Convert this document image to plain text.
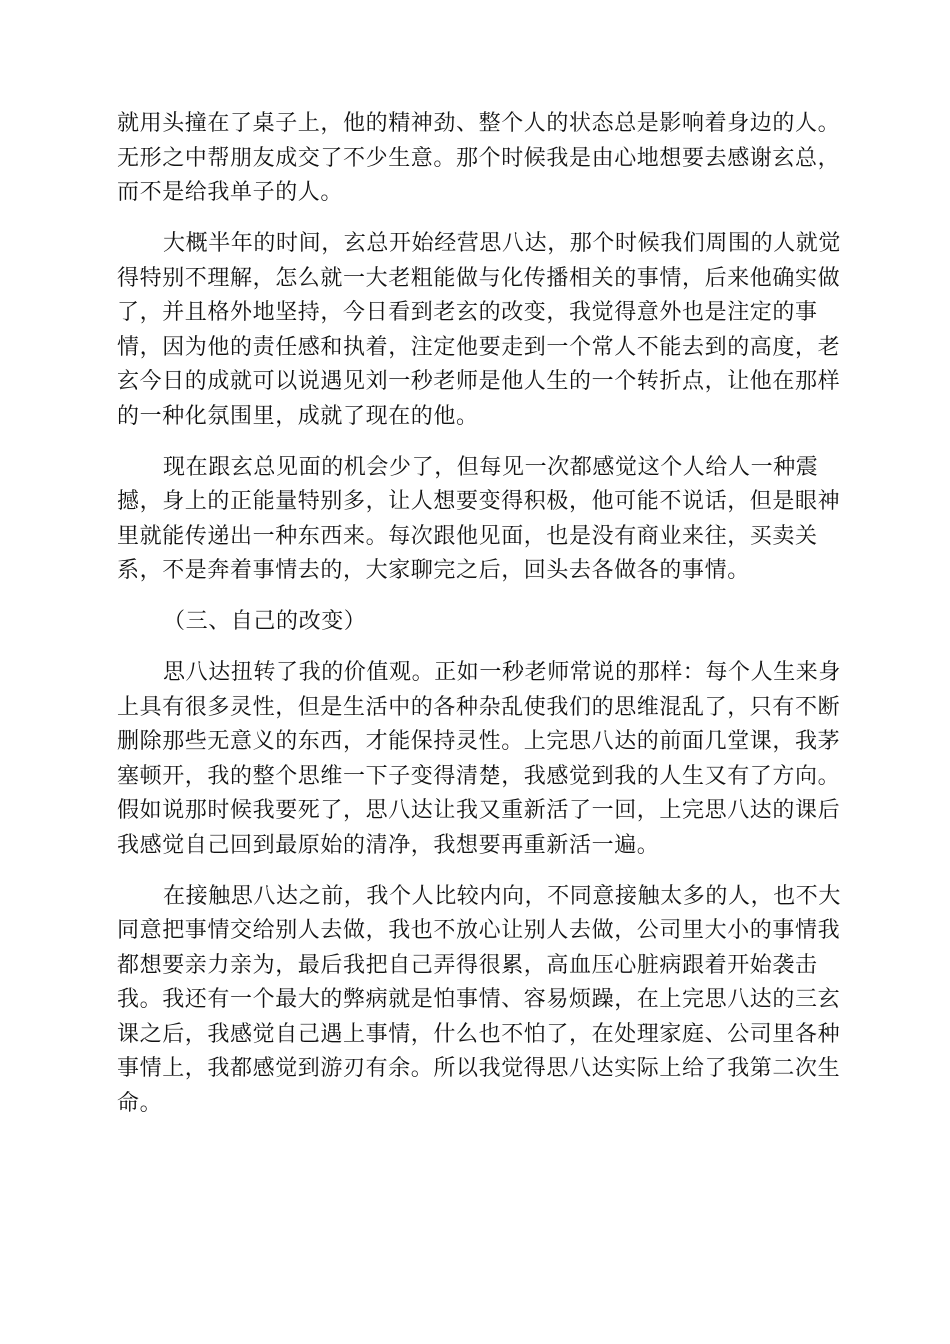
就用头撞在了桌子上，他的精神劲、整个人的状态总是影响着身边的人。
无形之中帮朋友成交了不少生意。那个时候我是由心地想要去感谢玄总，
而不是给我单子的人。
大概半年的时间，玄总开始经营思八达，那个时候我们周围的人就觉
得特别不理解，怎么就一大老粗能做与化传播相关的事情，后来他确实做
了，并且格外地坚持，今日看到老玄的改变，我觉得意外也是注定的事
情，因为他的责任感和执着，注定他要走到一个常人不能去到的高度，老
玄今日的成就可以说遇见刘一秒老师是他人生的一个转折点，让他在那样
的一种化氛围里，成就了现在的他。
现在跟玄总见面的机会少了，但每见一次都感觉这个人给人一种震
撼，身上的正能量特别多，让人想要变得积极，他可能不说话，但是眼神
里就能传递出一种东西来。每次跟他见面，也是没有商业来往，买卖关
系，不是奔着事情去的，大家聊完之后，回头去各做各的事情。
（三、自己的改变）
思八达扭转了我的价值观。正如一秒老师常说的那样：每个人生来身
上具有很多灵性，但是生活中的各种杂乱使我们的思维混乱了，只有不断
删除那些无意义的东西，才能保持灵性。上完思八达的前面几堂课，我茅
塞顿开，我的整个思维一下子变得清楚，我感觉到我的人生又有了方向。
假如说那时候我要死了，思八达让我又重新活了一回，上完思八达的课后
我感觉自己回到最原始的清净，我想要再重新活一遍。
在接触思八达之前，我个人比较内向，不同意接触太多的人，也不大
同意把事情交给别人去做，我也不放心让别人去做，公司里大小的事情我
都想要亲力亲为，最后我把自己弄得很累，高血压心脏病跟着开始袭击
我。我还有一个最大的弊病就是怕事情、容易烦躁，在上完思八达的三玄
课之后，我感觉自己遇上事情，什么也不怕了，在处理家庭、公司里各种
事情上，我都感觉到游刃有余。所以我觉得思八达实际上给了我第二次生
命。
